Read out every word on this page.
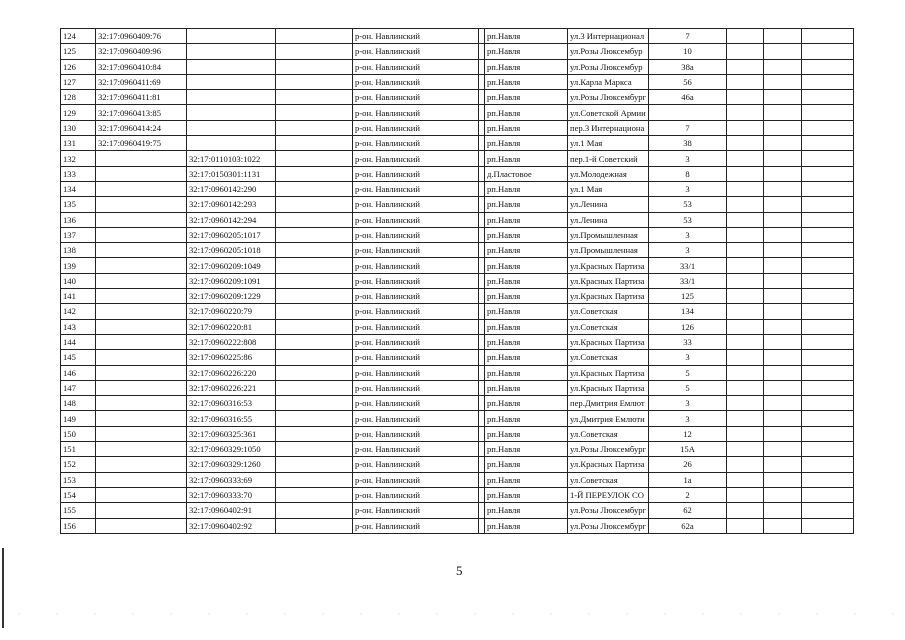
124	32:17:0960409:76			р-он. Навлинский		рп.Навля	ул.3 Интернационал	7			
125	32:17:0960409:96			р-он. Навлинский		рп.Навля	ул.Розы Люксембур	10			
126	32:17:0960410:84			р-он. Навлинский		рп.Навля	ул.Розы Люксембур	38а			
127	32:17:0960411:69			р-он. Навлинский		рп.Навля	ул.Карла Маркса	56			
128	32:17:0960411:81			р-он. Навлинский		рп.Навля	ул.Розы Люксембург	46а			
129	32:17:0960413:85			р-он. Навлинский		рп.Навля	ул.Советской Армии				
130	32:17:0960414:24			р-он. Навлинский		рп.Навля	пер.3 Интернациона	7			
131	32:17:0960419:75			р-он. Навлинский		рп.Навля	ул.1 Мая	38			
132		32:17:0110103:1022		р-он. Навлинский		рп.Навля	пер.1-й Советский	3			
133		32:17:0150301:1131		р-он. Навлинский		д.Пластовое	ул.Молодежная	8			
134		32:17:0960142:290		р-он. Навлинский		рп.Навля	ул.1 Мая	3			
135		32:17:0960142:293		р-он. Навлинский		рп.Навля	ул.Ленина	53			
136		32:17:0960142:294		р-он. Навлинский		рп.Навля	ул.Ленина	53			
137		32:17:0960205:1017		р-он. Навлинский		рп.Навля	ул.Промышленная	3			
138		32:17:0960205:1018		р-он. Навлинский		рп.Навля	ул.Промышленная	3			
139		32:17:0960209:1049		р-он. Навлинский		рп.Навля	ул.Красных Партиза	33/1			
140		32:17:0960209:1091		р-он. Навлинский		рп.Навля	ул.Красных Партиза	33/1			
141		32:17:0960209:1229		р-он. Навлинский		рп.Навля	ул.Красных Партиза	125			
142		32:17:0960220:79		р-он. Навлинский		рп.Навля	ул.Советская	134			
143		32:17:0960220:81		р-он. Навлинский		рп.Навля	ул.Советская	126			
144		32:17:0960222:808		р-он. Навлинский		рп.Навля	ул.Красных Партиза	33			
145		32:17:0960225:86		р-он. Навлинский		рп.Навля	ул.Советская	3			
146		32:17:0960226:220		р-он. Навлинский		рп.Навля	ул.Красных Партиза	5			
147		32:17:0960226:221		р-он. Навлинский		рп.Навля	ул.Красных Партиза	5			
148		32:17:0960316:53		р-он. Навлинский		рп.Навля	пер.Дмитрия Емлют	3			
149		32:17:0960316:55		р-он. Навлинский		рп.Навля	ул.Дмитрия Емлюти	3			
150		32:17:0960325:361		р-он. Навлинский		рп.Навля	ул.Советская	12			
151		32:17:0960329:1050		р-он. Навлинский		рп.Навля	ул.Розы Люксембург	15А			
152		32:17:0960329:1260		р-он. Навлинский		рп.Навля	ул.Красных Партиза	26			
153		32:17:0960333:69		р-он. Навлинский		рп.Навля	ул.Советская	1а			
154		32:17:0960333:70		р-он. Навлинский		рп.Навля	1-Й ПЕРЕУЛОК СО	2			
155		32:17:0960402:91		р-он. Навлинский		рп.Навля	ул.Розы Люксембург	62			
156		32:17:0960402:92		р-он. Навлинский		рп.Навля	ул.Розы Люксембург	62а			
5
